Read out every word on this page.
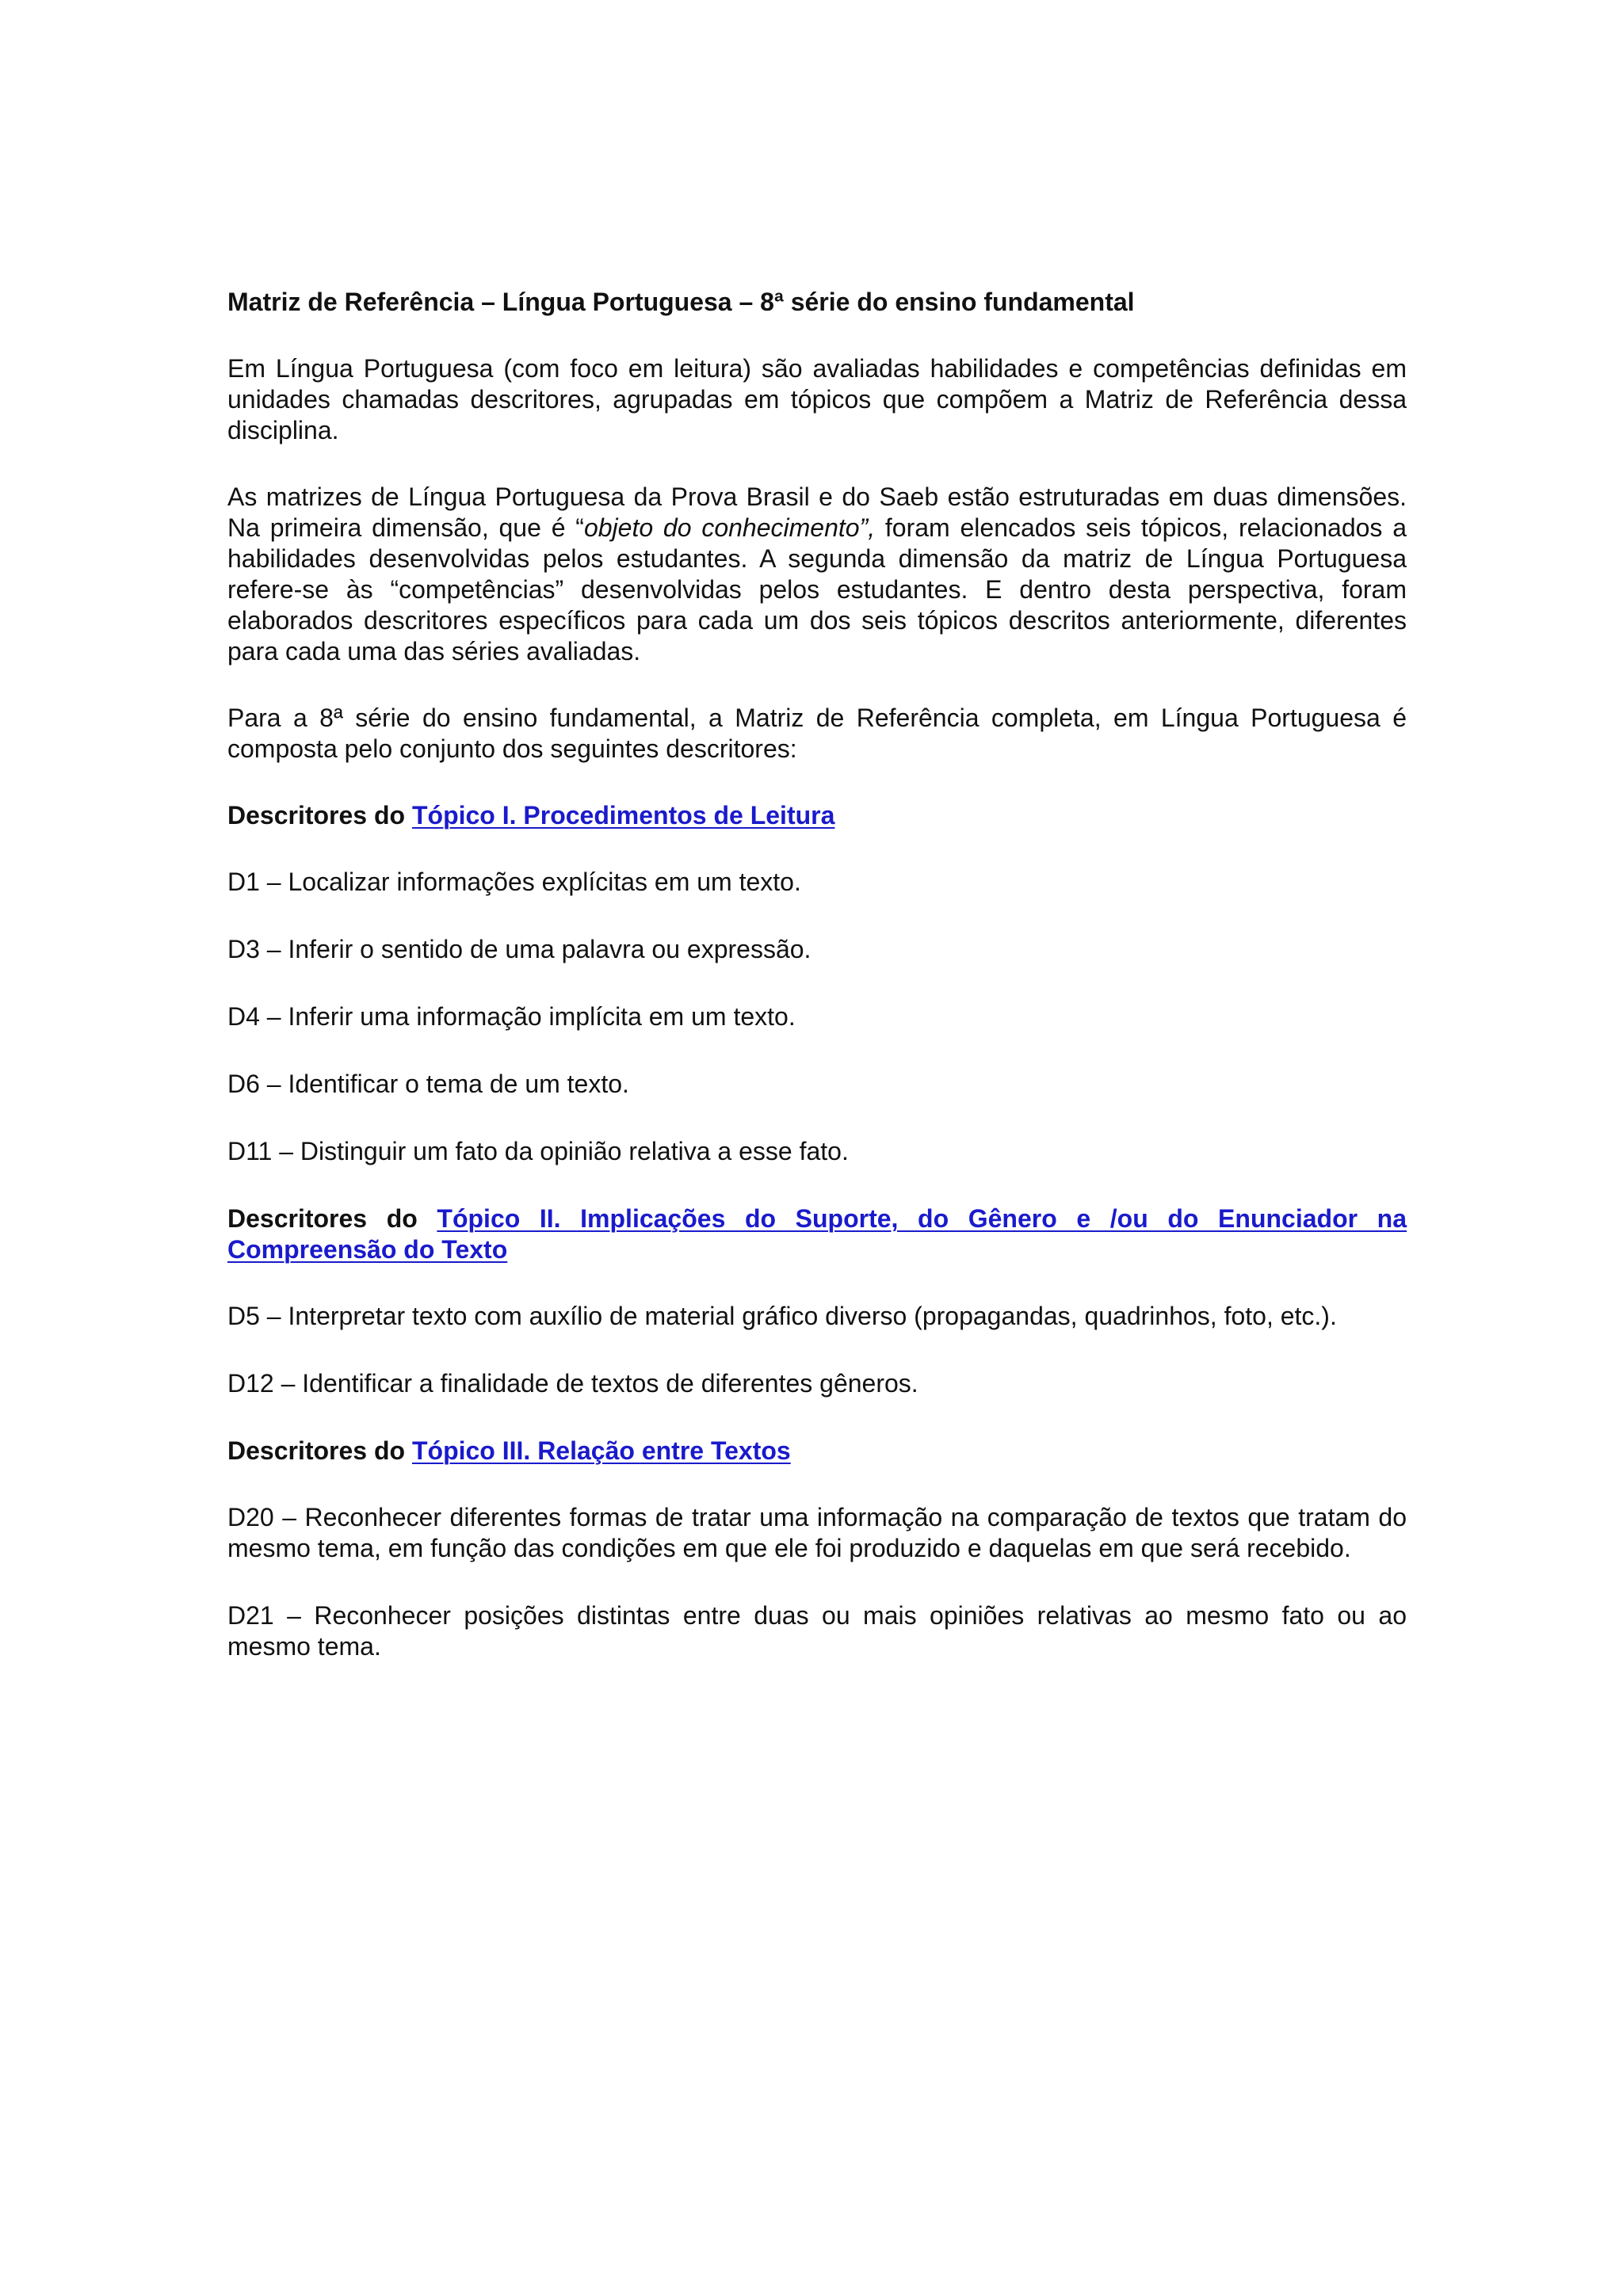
Matriz de Referência – Língua Portuguesa – 8ª série do ensino fundamental

Em Língua Portuguesa (com foco em leitura) são avaliadas habilidades e competências definidas em unidades chamadas descritores, agrupadas em tópicos que compõem a Matriz de Referência dessa disciplina.

As matrizes de Língua Portuguesa da Prova Brasil e do Saeb estão estruturadas em duas dimensões. Na primeira dimensão, que é “objeto do conhecimento”, foram elencados seis tópicos, relacionados a habilidades desenvolvidas pelos estudantes. A segunda dimensão da matriz de Língua Portuguesa refere-se às “competências” desenvolvidas pelos estudantes. E dentro desta perspectiva, foram elaborados descritores específicos para cada um dos seis tópicos descritos anteriormente, diferentes para cada uma das séries avaliadas.

Para a 8ª série do ensino fundamental, a Matriz de Referência completa, em Língua Portuguesa é composta pelo conjunto dos seguintes descritores:

Descritores do Tópico I. Procedimentos de Leitura
D1 – Localizar informações explícitas em um texto.
D3 – Inferir o sentido de uma palavra ou expressão.
D4 – Inferir uma informação implícita em um texto.
D6 – Identificar o tema de um texto.
D11 – Distinguir um fato da opinião relativa a esse fato.
Descritores do Tópico II. Implicações do Suporte, do Gênero e /ou do Enunciador na Compreensão do Texto
D5 – Interpretar texto com auxílio de material gráfico diverso (propagandas, quadrinhos, foto, etc.).
D12 – Identificar a finalidade de textos de diferentes gêneros.
Descritores do Tópico III. Relação entre Textos
D20 – Reconhecer diferentes formas de tratar uma informação na comparação de textos que tratam do mesmo tema, em função das condições em que ele foi produzido e daquelas em que será recebido.
D21 – Reconhecer posições distintas entre duas ou mais opiniões relativas ao mesmo fato ou ao mesmo tema.
